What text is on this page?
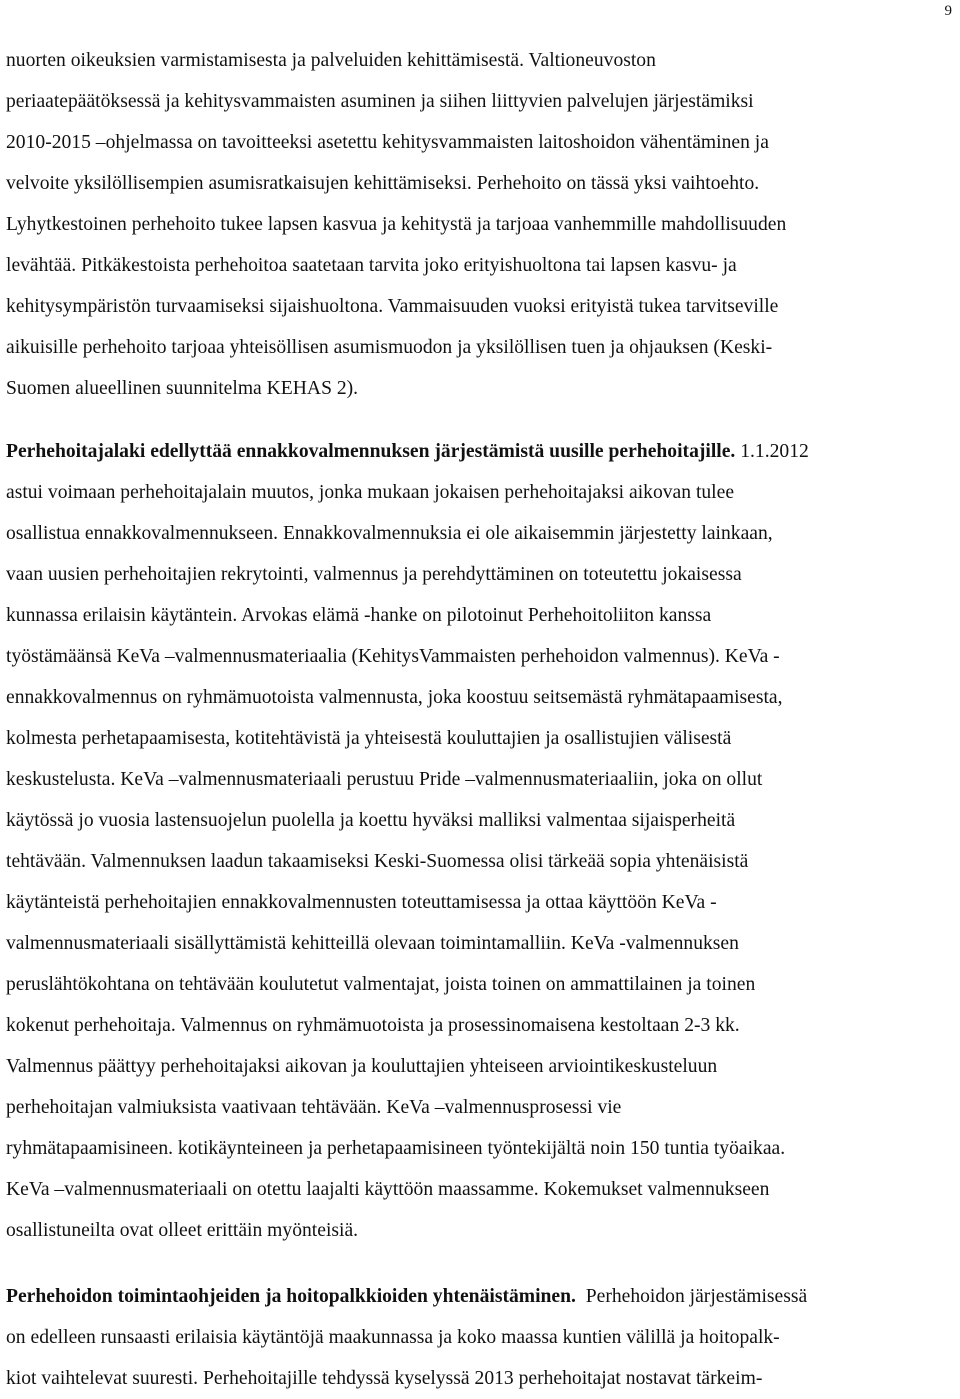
9
nuorten oikeuksien varmistamisesta ja palveluiden kehittämisestä. Valtioneuvoston
periaatepäätöksessä ja kehitysvammaisten asuminen ja siihen liittyvien palvelujen järjestämiksi
2010-2015 –ohjelmassa on tavoitteeksi asetettu kehitysvammaisten laitoshoidon vähentäminen ja
velvoite yksilöllisempien asumisratkaisujen kehittämiseksi. Perhehoito on tässä yksi vaihtoehto.
Lyhytkestoinen perhehoito tukee lapsen kasvua ja kehitystä ja tarjoaa vanhemmille mahdollisuuden
levähtää. Pitkäkestoista perhehoitoa saatetaan tarvita joko erityishuoltona tai lapsen kasvu- ja
kehitysympäristön turvaamiseksi sijaishuoltona. Vammaisuuden vuoksi erityistä tukea tarvitseville
aikuisille perhehoito tarjoaa yhteisöllisen asumismuodon ja yksilöllisen tuen ja ohjauksen (Keski-
Suomen alueellinen suunnitelma KEHAS 2).
Perhehoitajalaki edellyttää ennakkovalmennuksen järjestämistä uusille perhehoitajille. 1.1.2012
astui voimaan perhehoitajalain muutos, jonka mukaan jokaisen perhehoitajaksi aikovan tulee
osallistua ennakkovalmennukseen. Ennakkovalmennuksia ei ole aikaisemmin järjestetty lainkaan,
vaan uusien perhehoitajien rekrytointi, valmennus ja perehdyttäminen on toteutettu jokaisessa
kunnassa erilaisin käytäntein. Arvokas elämä -hanke on pilotoinut Perhehoitoliiton kanssa
työstämäänsä KeVa –valmennusmateriaalia (KehitysVammaisten perhehoidon valmennus). KeVa -
ennakkovalmennus on ryhmämuotoista valmennusta, joka koostuu seitsemästä ryhmätapaamisesta,
kolmesta perhetapaamisesta, kotitehtävistä ja yhteisestä kouluttajien ja osallistujien välisestä
keskustelusta. KeVa –valmennusmateriaali perustuu Pride –valmennusmateriaaliin, joka on ollut
käytössä jo vuosia lastensuojelun puolella ja koettu hyväksi malliksi valmentaa sijaisperheitä
tehtävään. Valmennuksen laadun takaamiseksi Keski-Suomessa olisi tärkeää sopia yhtenäisistä
käytänteistä perhehoitajien ennakkovalmennusten toteuttamisessa ja ottaa käyttöön KeVa -
valmennusmateriaali sisällyttämistä kehitteillä olevaan toimintamalliin. KeVa -valmennuksen
peruslähtökohtana on tehtävään koulutetut valmentajat, joista toinen on ammattilainen ja toinen
kokenut perhehoitaja. Valmennus on ryhmämuotoista ja prosessinomaisena kestoltaan 2-3 kk.
Valmennus päättyy perhehoitajaksi aikovan ja kouluttajien yhteiseen arviointikeskusteluun
perhehoitajan valmiuksista vaativaan tehtävään. KeVa –valmennusprosessi vie
ryhmätapaamisineen. kotikäynteineen ja perhetapaamisineen työntekijältä noin 150 tuntia työaikaa.
KeVa –valmennusmateriaali on otettu laajalti käyttöön maassamme. Kokemukset valmennukseen
osallistuneilta ovat olleet erittäin myönteisiä.
Perhehoidon toimintaohjeiden ja hoitopalkkioiden yhtenäistäminen.  Perhehoidon järjestämisessä
on edelleen runsaasti erilaisia käytäntöjä maakunnassa ja koko maassa kuntien välillä ja hoitopalk-
kiot vaihtelevat suuresti. Perhehoitajille tehdyssä kyselyssä 2013 perhehoitajat nostavat tärkeim-
